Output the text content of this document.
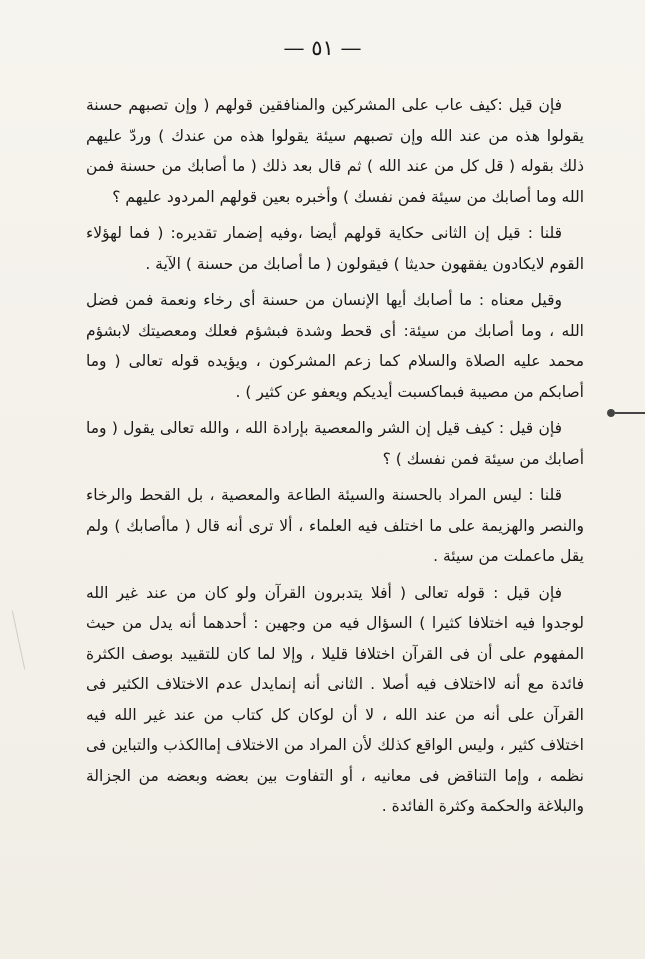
— ٥١ —

فإن قيل :كيف عاب على المشركين والمنافقين قولهم ( وإن تصبهم حسنة يقولوا هذه من عند الله وإن تصبهم سيئة يقولوا هذه من عندك ) وردّ عليهم ذلك بقوله ( قل كل من عند الله ) ثم قال بعد ذلك ( ما أصابك من حسنة فمن الله وما أصابك من سيئة فمن نفسك ) وأخبره بعين قولهم المردود عليهم ؟

قلنا : قيل إن الثانى حكاية قولهم أيضا ،وفيه إضمار تقديره: ( فما لهؤلاء القوم لايكادون يفقهون حديثا ) فيقولون ( ما أصابك من حسنة ) الآية .

وقيل معناه : ما أصابك أيها الإنسان من حسنة أى رخاء ونعمة فمن فضل الله ، وما أصابك من سيئة: أى قحط وشدة فبشؤم فعلك ومعصيتك لابشؤم محمد عليه الصلاة والسلام كما زعم المشركون ، ويؤيده قوله تعالى ( وما أصابكم من مصيبة فبماكسبت أيديكم ويعفو عن كثير ) .

فإن قيل : كيف قيل إن الشر والمعصية بإرادة الله ، والله تعالى يقول ( وما أصابك من سيئة فمن نفسك ) ؟

قلنا : ليس المراد بالحسنة والسيئة الطاعة والمعصية ، بل القحط والرخاء والنصر والهزيمة على ما اختلف فيه العلماء ، ألا ترى أنه قال ( ماأصابك ) ولم يقل ماعملت من سيئة .

فإن قيل : قوله تعالى ( أفلا يتدبرون القرآن ولو كان من عند غير الله لوجدوا فيه اختلافا كثيرا ) السؤال فيه من وجهين : أحدهما أنه يدل من حيث المفهوم على أن فى القرآن اختلافا قليلا ، وإلا لما كان للتقييد بوصف الكثرة فائدة مع أنه لااختلاف فيه أصلا . الثانى أنه إنمايدل عدم الاختلاف الكثير فى القرآن على أنه من عند الله ، لا أن لوكان كل كتاب من عند غير الله فيه اختلاف كثير ، وليس الواقع كذلك لأن المراد من الاختلاف إماالكذب والتباين فى نظمه ، وإما التناقض فى معانيه ، أو التفاوت بين بعضه وبعضه من الجزالة والبلاغة والحكمة وكثرة الفائدة .
